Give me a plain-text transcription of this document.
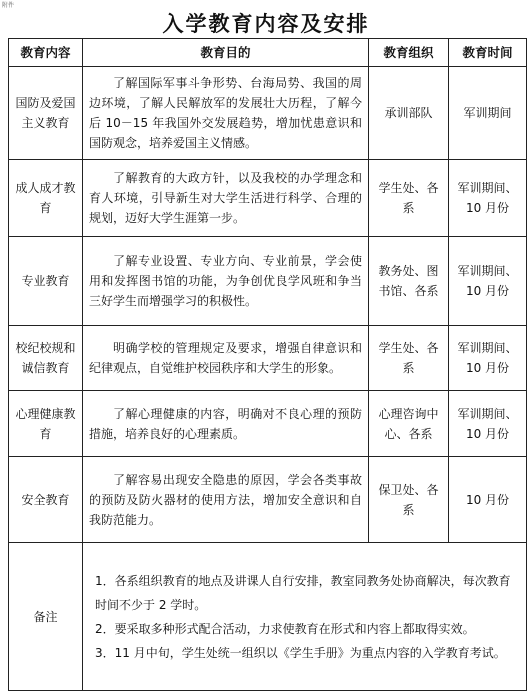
附件
入学教育内容及安排
教育内容	教育目的	教育组织	教育时间
国防及爱国主义教育	了解国际军事斗争形势、台海局势、我国的周边环境，了解人民解放军的发展壮大历程，了解今后 10－15 年我国外交发展趋势，增加忧患意识和国防观念，培养爱国主义情感。	承训部队	军训期间
成人成才教育	了解教育的大政方针，以及我校的办学理念和育人环境，引导新生对大学生活进行科学、合理的规划，迈好大学生涯第一步。	学生处、各系	军训期间、10 月份
专业教育	了解专业设置、专业方向、专业前景，学会使用和发挥图书馆的功能，为争创优良学风班和争当三好学生而增强学习的积极性。	教务处、图书馆、各系	军训期间、10 月份
校纪校规和诚信教育	明确学校的管理规定及要求，增强自律意识和纪律观点，自觉维护校园秩序和大学生的形象。	学生处、各系	军训期间、10 月份
心理健康教育	了解心理健康的内容，明确对不良心理的预防措施，培养良好的心理素质。	心理咨询中心、各系	军训期间、10 月份
安全教育	了解容易出现安全隐患的原因，学会各类事故的预防及防火器材的使用方法，增加安全意识和自我防范能力。	保卫处、各系	10 月份
备注	1．各系组织教育的地点及讲课人自行安排，教室同教务处协商解决，每次教育时间不少于 2 学时。
2．要采取多种形式配合活动，力求使教育在形式和内容上都取得实效。
3．11 月中旬，学生处统一组织以《学生手册》为重点内容的入学教育考试。		
